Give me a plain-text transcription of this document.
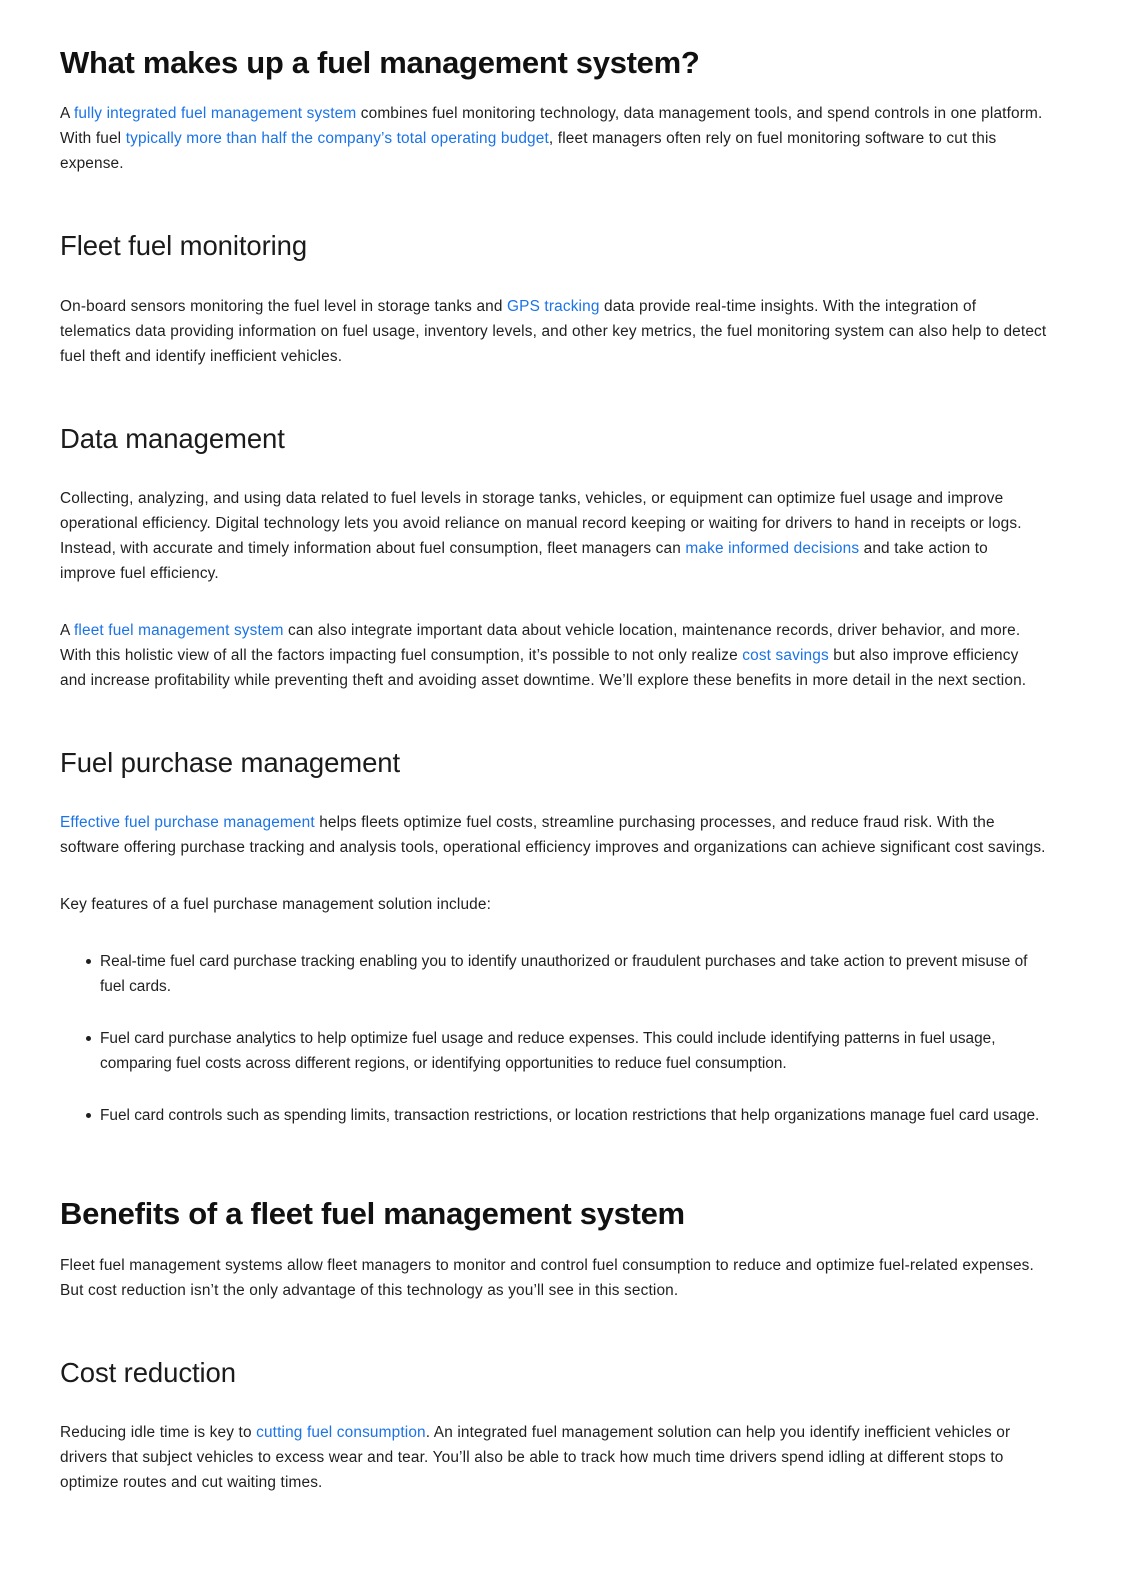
What makes up a fuel management system?

A fully integrated fuel management system combines fuel monitoring technology, data management tools, and spend controls in one platform. With fuel typically more than half the company’s total operating budget, fleet managers often rely on fuel monitoring software to cut this expense.

Fleet fuel monitoring

On-board sensors monitoring the fuel level in storage tanks and GPS tracking data provide real-time insights. With the integration of telematics data providing information on fuel usage, inventory levels, and other key metrics, the fuel monitoring system can also help to detect fuel theft and identify inefficient vehicles.

Data management

Collecting, analyzing, and using data related to fuel levels in storage tanks, vehicles, or equipment can optimize fuel usage and improve operational efficiency. Digital technology lets you avoid reliance on manual record keeping or waiting for drivers to hand in receipts or logs. Instead, with accurate and timely information about fuel consumption, fleet managers can make informed decisions and take action to improve fuel efficiency.

A fleet fuel management system can also integrate important data about vehicle location, maintenance records, driver behavior, and more. With this holistic view of all the factors impacting fuel consumption, it’s possible to not only realize cost savings but also improve efficiency and increase profitability while preventing theft and avoiding asset downtime. We’ll explore these benefits in more detail in the next section.

Fuel purchase management

Effective fuel purchase management helps fleets optimize fuel costs, streamline purchasing processes, and reduce fraud risk. With the software offering purchase tracking and analysis tools, operational efficiency improves and organizations can achieve significant cost savings.

Key features of a fuel purchase management solution include:

Real-time fuel card purchase tracking enabling you to identify unauthorized or fraudulent purchases and take action to prevent misuse of fuel cards.
Fuel card purchase analytics to help optimize fuel usage and reduce expenses. This could include identifying patterns in fuel usage, comparing fuel costs across different regions, or identifying opportunities to reduce fuel consumption.
Fuel card controls such as spending limits, transaction restrictions, or location restrictions that help organizations manage fuel card usage.
Benefits of a fleet fuel management system

Fleet fuel management systems allow fleet managers to monitor and control fuel consumption to reduce and optimize fuel-related expenses. But cost reduction isn’t the only advantage of this technology as you’ll see in this section.

Cost reduction

Reducing idle time is key to cutting fuel consumption. An integrated fuel management solution can help you identify inefficient vehicles or drivers that subject vehicles to excess wear and tear. You’ll also be able to track how much time drivers spend idling at different stops to optimize routes and cut waiting times.
